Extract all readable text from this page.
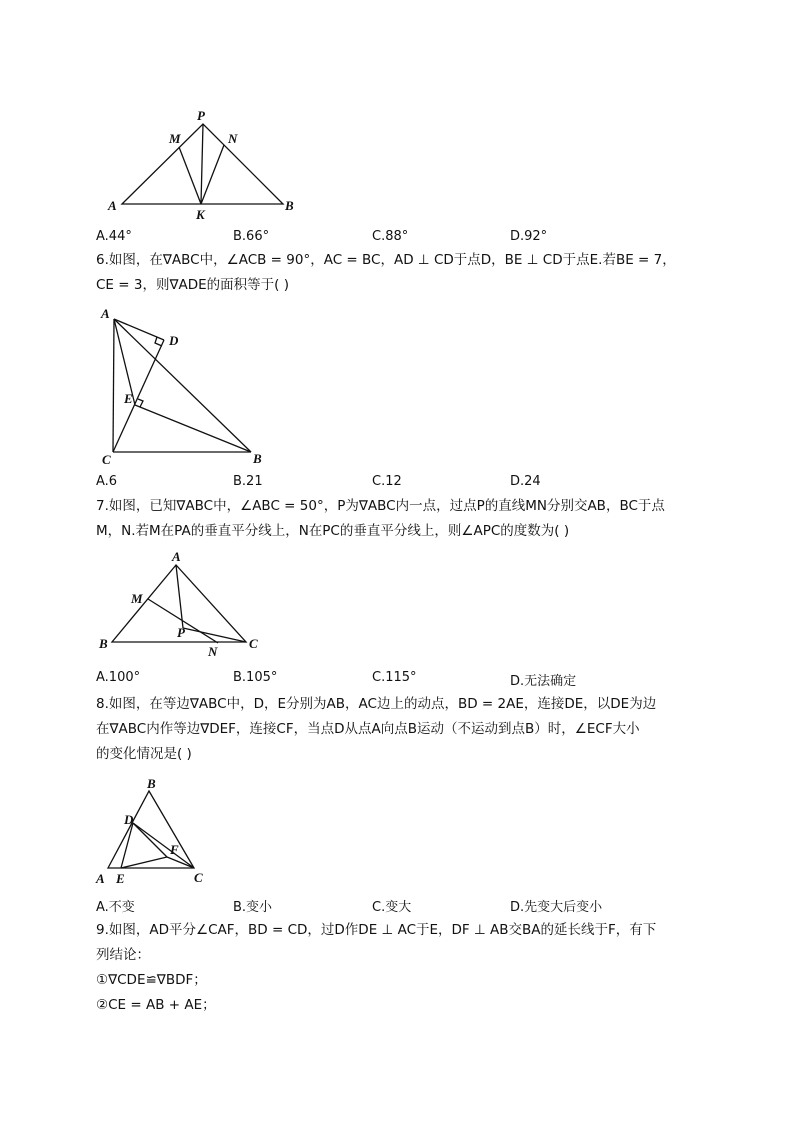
P
M	N
A
K
B
A.44°	B.66°	C.88°	D.92°

6.如图，在∇ABC中，∠ACB = 90°，AC = BC，AD ⊥ CD于点D，BE ⊥ CD于点E.若BE = 7，

CE = 3，则∇ADE的面积等于( )

A
D
E
C	B
A.6	B.21	C.12	D.24

7.如图，已知∇ABC中，∠ABC = 50°，P为∇ABC内一点，过点P的直线MN分别交AB，BC于点

M，N.若M在PA的垂直平分线上，N在PC的垂直平分线上，则∠APC的度数为( )

A
M
B
P
C
N
A.100°	B.105°	C.115°	D.无法确定

8.如图，在等边∇ABC中，D，E分别为AB，AC边上的动点，BD = 2AE，连接DE，以DE为边

在∇ABC内作等边∇DEF，连接CF，当点D从点A向点B运动（不运动到点B）时，∠ECF大小

的变化情况是( )

B
D
F
A E	C
A.不变	B.变小	C.变大	D.先变大后变小

9.如图，AD平分∠CAF，BD = CD，过D作DE ⊥ AC于E，DF ⊥ AB交BA的延长线于F，有下

列结论：

①∇CDE≌∇BDF；

②CE = AB + AE；
